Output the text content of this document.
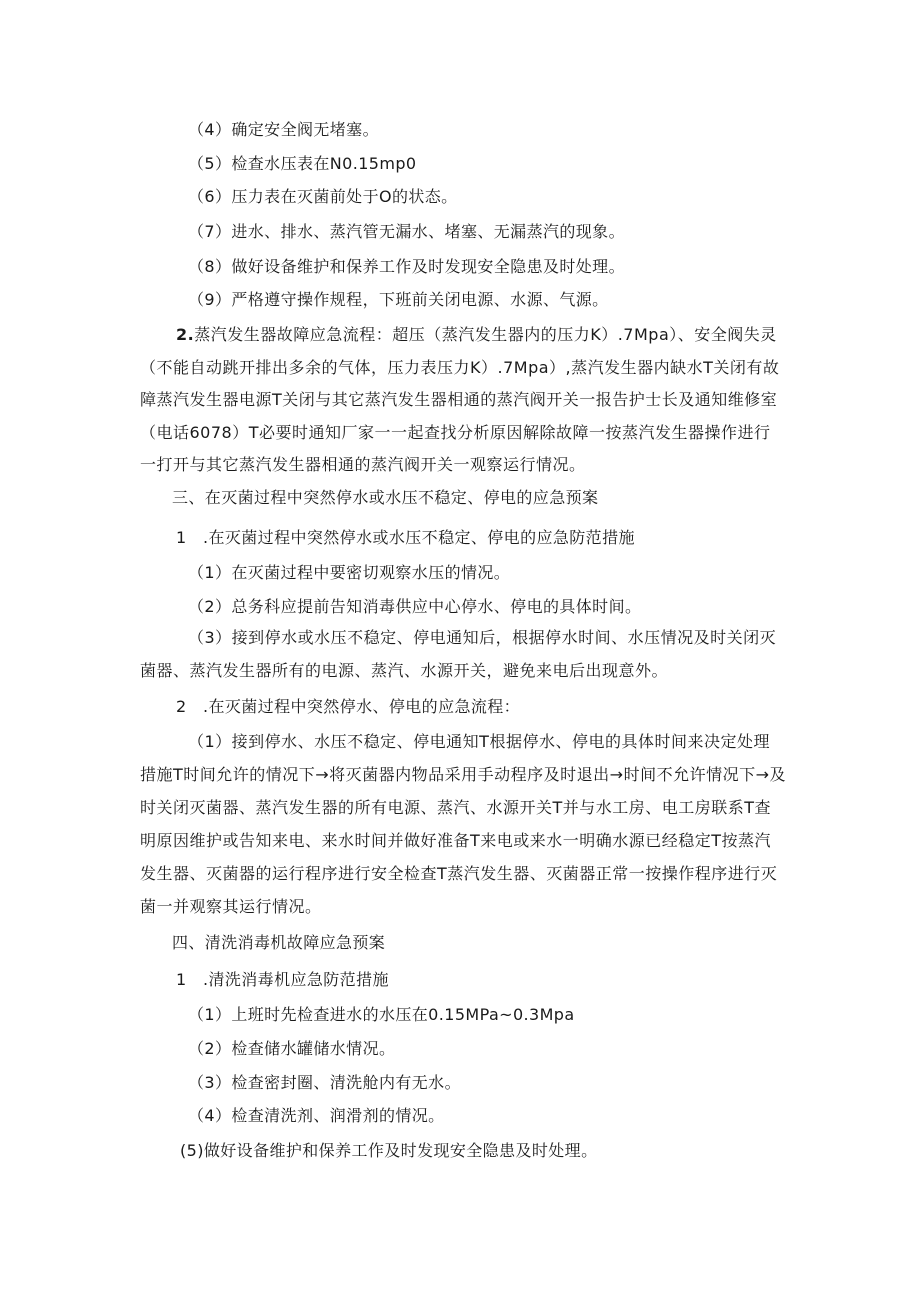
（4）确定安全阀无堵塞。

（5）检查水压表在N0.15mp0

（6）压力表在灭菌前处于O的状态。

（7）进水、排水、蒸汽管无漏水、堵塞、无漏蒸汽的现象。

（8）做好设备维护和保养工作及时发现安全隐患及时处理。

（9）严格遵守操作规程，下班前关闭电源、水源、气源。

2.蒸汽发生器故障应急流程：超压（蒸汽发生器内的压力K）.7Mpa）、安全阀失灵（不能自动跳开排出多余的气体，压力表压力K）.7Mpa）,蒸汽发生器内缺水T关闭有故障蒸汽发生器电源T关闭与其它蒸汽发生器相通的蒸汽阀开关一报告护士长及通知维修室（电话6078）T必要时通知厂家一一起查找分析原因解除故障一按蒸汽发生器操作进行一打开与其它蒸汽发生器相通的蒸汽阀开关一观察运行情况。

三、在灭菌过程中突然停水或水压不稳定、停电的应急预案

1　.在灭菌过程中突然停水或水压不稳定、停电的应急防范措施

（1）在灭菌过程中要密切观察水压的情况。

（2）总务科应提前告知消毒供应中心停水、停电的具体时间。

（3）接到停水或水压不稳定、停电通知后，根据停水时间、水压情况及时关闭灭菌器、蒸汽发生器所有的电源、蒸汽、水源开关，避免来电后出现意外。

2　.在灭菌过程中突然停水、停电的应急流程：

（1）接到停水、水压不稳定、停电通知T根据停水、停电的具体时间来决定处理措施T时间允许的情况下→将灭菌器内物品采用手动程序及时退出→时间不允许情况下→及时关闭灭菌器、蒸汽发生器的所有电源、蒸汽、水源开关T并与水工房、电工房联系T查明原因维护或告知来电、来水时间并做好准备T来电或来水一明确水源已经稳定T按蒸汽发生器、灭菌器的运行程序进行安全检查T蒸汽发生器、灭菌器正常一按操作程序进行灭菌一并观察其运行情况。

四、清洗消毒机故障应急预案

1　.清洗消毒机应急防范措施

（1）上班时先检查进水的水压在0.15MPa~0.3Mpa

（2）检查储水罐储水情况。

（3）检查密封圈、清洗舱内有无水。

（4）检查清洗剂、润滑剂的情况。

(5)做好设备维护和保养工作及时发现安全隐患及时处理。
